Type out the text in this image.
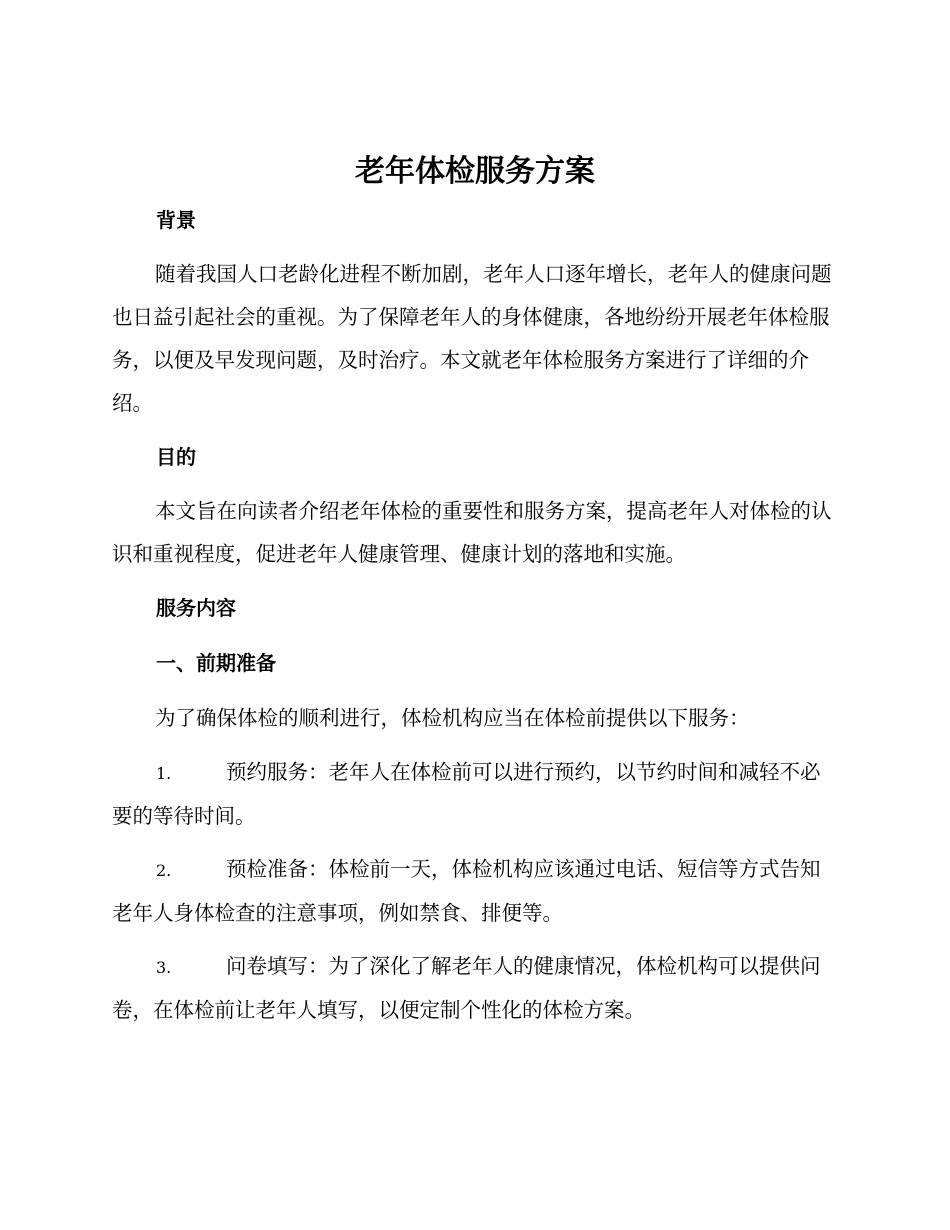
老年体检服务方案
背景

随着我国人口老龄化进程不断加剧，老年人口逐年增长，老年人的健康问题也日益引起社会的重视。为了保障老年人的身体健康，各地纷纷开展老年体检服务，以便及早发现问题，及时治疗。本文就老年体检服务方案进行了详细的介绍。

目的

本文旨在向读者介绍老年体检的重要性和服务方案，提高老年人对体检的认识和重视程度，促进老年人健康管理、健康计划的落地和实施。

服务内容
一、前期准备

为了确保体检的顺利进行，体检机构应当在体检前提供以下服务：

1.	预约服务：老年人在体检前可以进行预约，以节约时间和减轻不必要的等待时间。

2.	预检准备：体检前一天，体检机构应该通过电话、短信等方式告知老年人身体检查的注意事项，例如禁食、排便等。

3.	问卷填写：为了深化了解老年人的健康情况，体检机构可以提供问卷，在体检前让老年人填写，以便定制个性化的体检方案。
